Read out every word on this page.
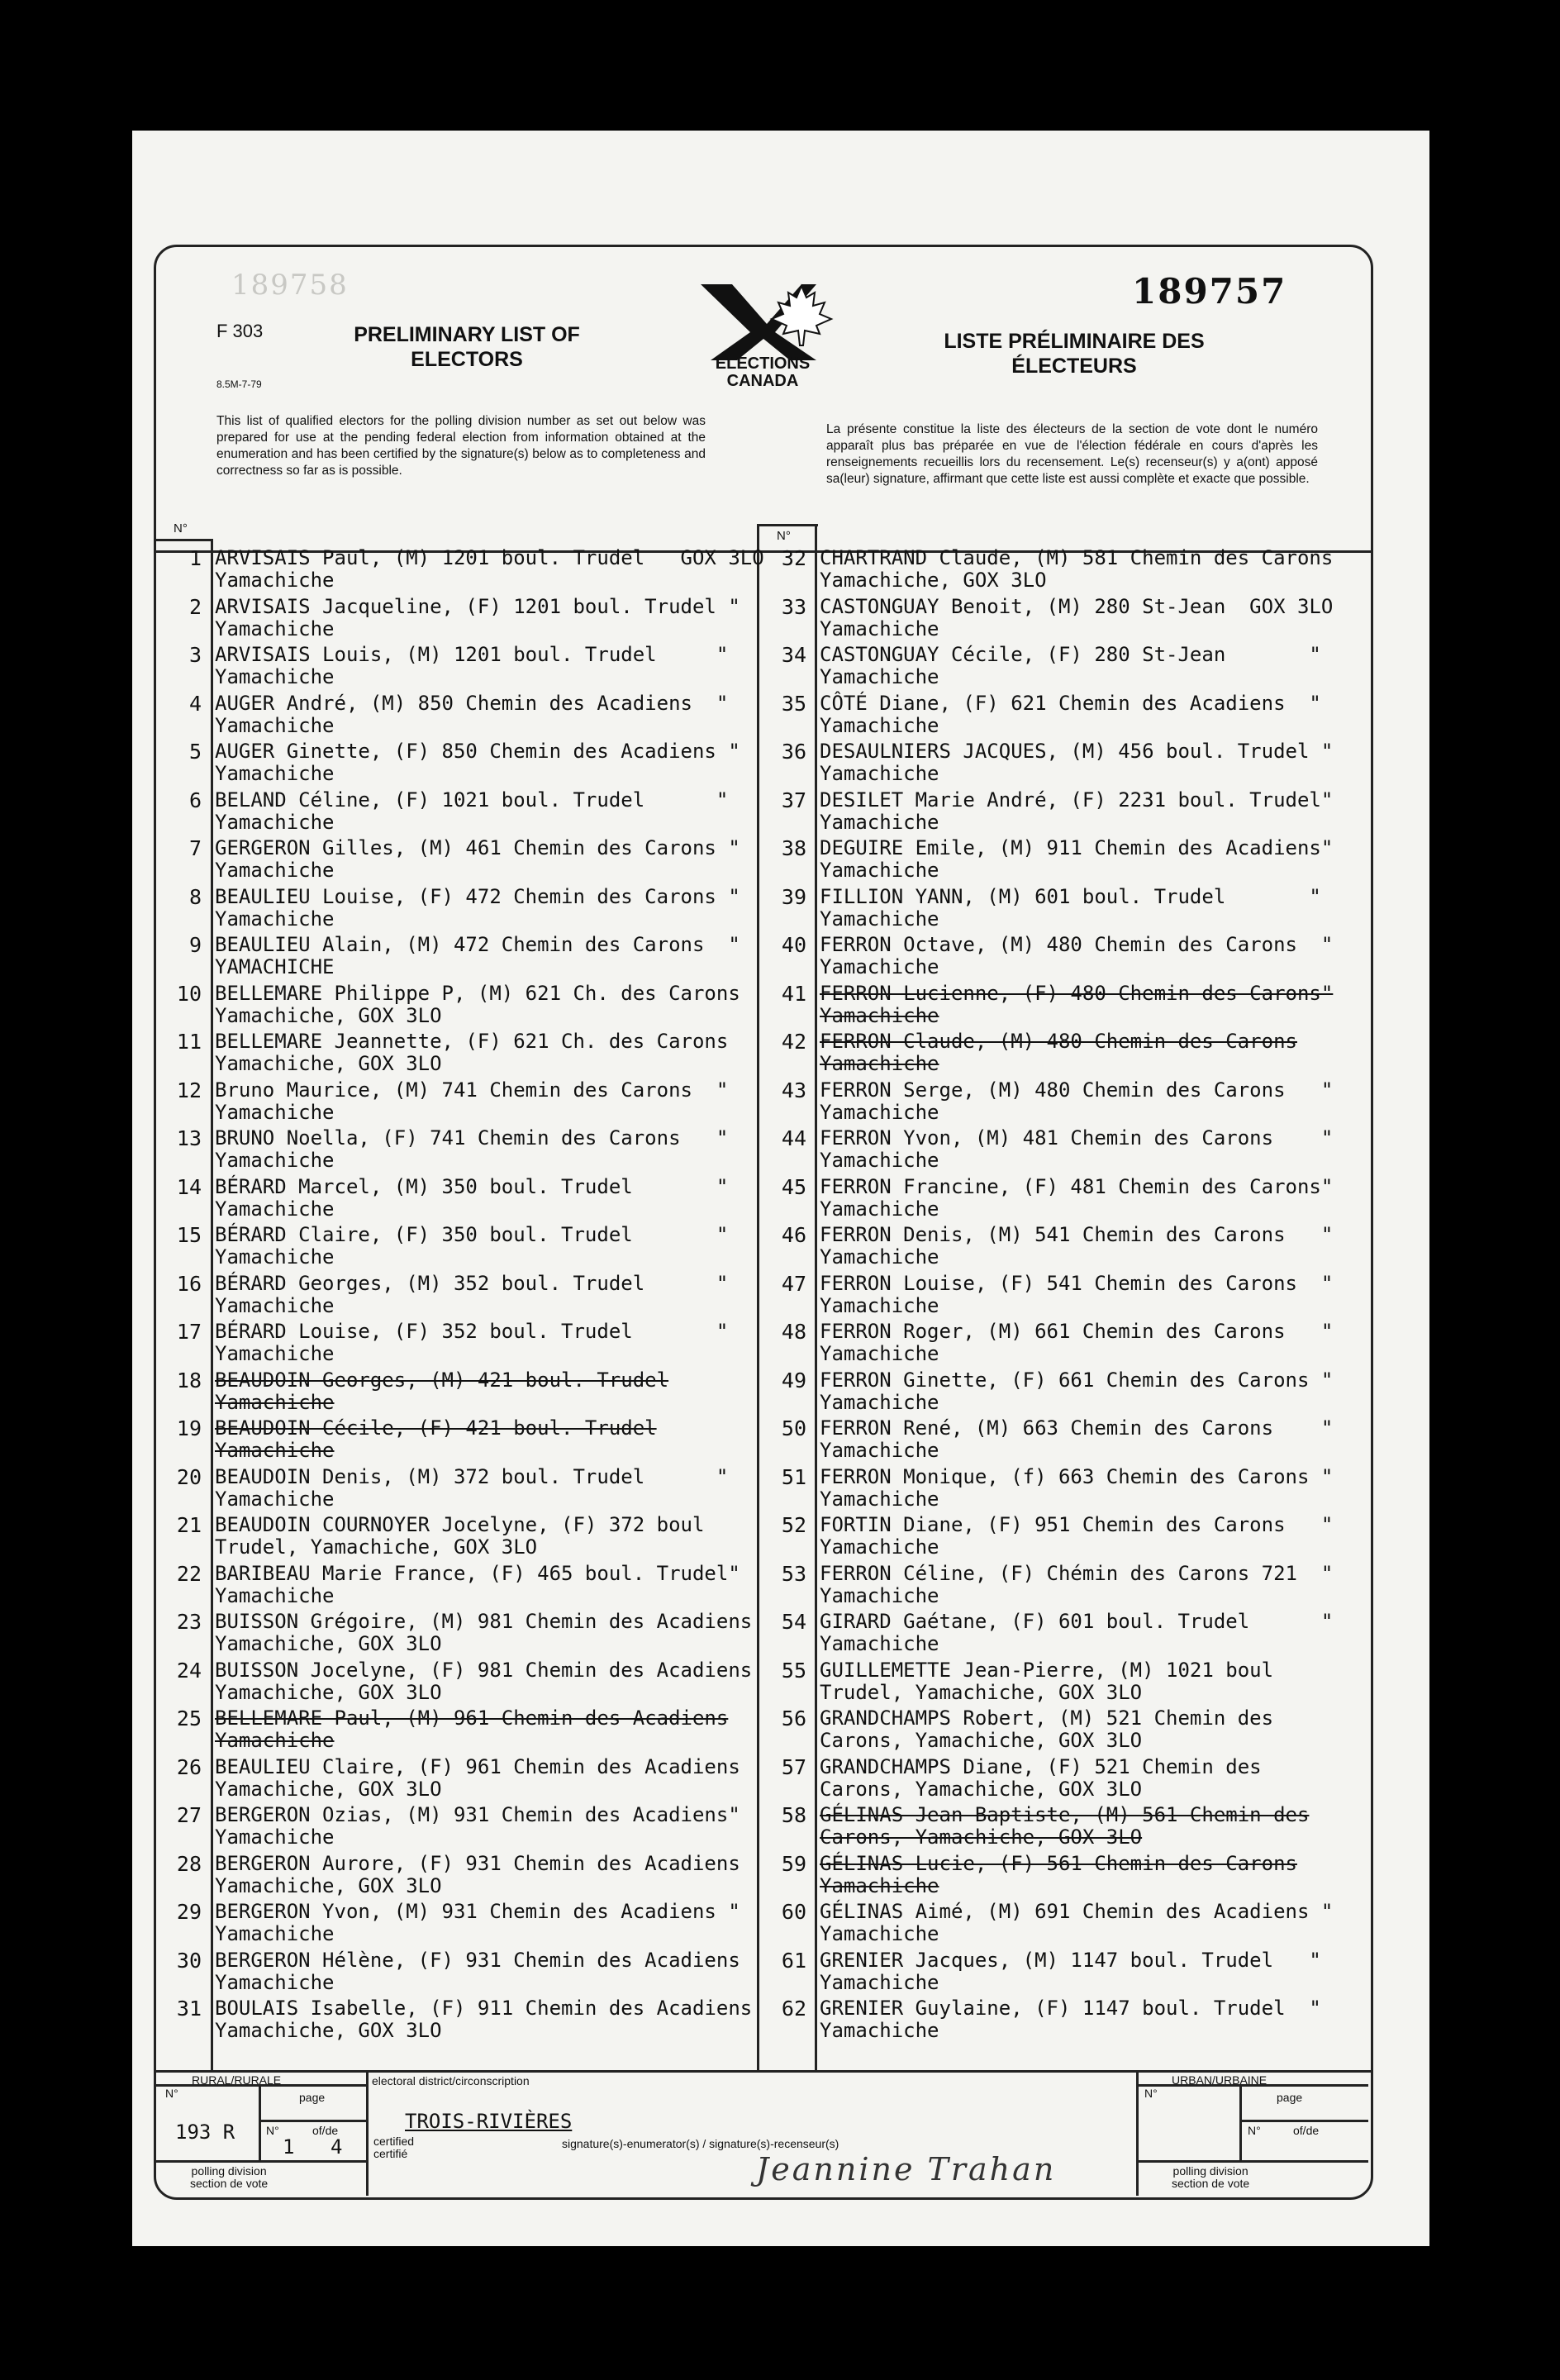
189758	189757
F 303
8.5M-7-79
PRELIMINARY LIST OF
ELECTORS
LISTE PRÉLIMINAIRE DES
ÉLECTEURS
ELECTIONS
CANADA
This list of qualified electors for the polling division number as set out below was prepared for use at the pending federal election from information obtained at the enumeration and has been certified by the signature(s) below as to completeness and correctness so far as is possible.
La présente constitue la liste des électeurs de la section de vote dont le numéro apparaît plus bas préparée en vue de l'élection fédérale en cours d'après les renseignements recueillis lors du recensement. Le(s) recenseur(s) y a(ont) apposé sa(leur) signature, affirmant que cette liste est aussi complète et exacte que possible.
N°
N°
1 ARVISAIS Paul, (M) 1201 boul. Trudel   GOX 3LO
Yamachiche
2 ARVISAIS Jacqueline, (F) 1201 boul. Trudel "
Yamachiche
3 ARVISAIS Louis, (M) 1201 boul. Trudel     "
Yamachiche
4 AUGER André, (M) 850 Chemin des Acadiens  "
Yamachiche
5 AUGER Ginette, (F) 850 Chemin des Acadiens "
Yamachiche
6 BELAND Céline, (F) 1021 boul. Trudel      "
Yamachiche
7 GERGERON Gilles, (M) 461 Chemin des Carons "
Yamachiche
8 BEAULIEU Louise, (F) 472 Chemin des Carons "
Yamachiche
9 BEAULIEU Alain, (M) 472 Chemin des Carons  "
YAMACHICHE
10 BELLEMARE Philippe P, (M) 621 Ch. des Carons
Yamachiche, GOX 3LO
11 BELLEMARE Jeannette, (F) 621 Ch. des Carons
Yamachiche, GOX 3LO
12 Bruno Maurice, (M) 741 Chemin des Carons  "
Yamachiche
13 BRUNO Noella, (F) 741 Chemin des Carons   "
Yamachiche
14 BÉRARD Marcel, (M) 350 boul. Trudel       "
Yamachiche
15 BÉRARD Claire, (F) 350 boul. Trudel       "
Yamachiche
16 BÉRARD Georges, (M) 352 boul. Trudel      "
Yamachiche
17 BÉRARD Louise, (F) 352 boul. Trudel       "
Yamachiche
18 BEAUDOIN Georges, (M) 421 boul. Trudel
Yamachiche
19 BEAUDOIN Cécile, (F) 421 boul. Trudel
Yamachiche
20 BEAUDOIN Denis, (M) 372 boul. Trudel      "
Yamachiche
21 BEAUDOIN COURNOYER Jocelyne, (F) 372 boul
Trudel, Yamachiche, GOX 3LO
22 BARIBEAU Marie France, (F) 465 boul. Trudel"
Yamachiche
23 BUISSON Grégoire, (M) 981 Chemin des Acadiens
Yamachiche, GOX 3LO
24 BUISSON Jocelyne, (F) 981 Chemin des Acadiens
Yamachiche, GOX 3LO
25 BELLEMARE Paul, (M) 961 Chemin des Acadiens
Yamachiche
26 BEAULIEU Claire, (F) 961 Chemin des Acadiens
Yamachiche, GOX 3LO
27 BERGERON Ozias, (M) 931 Chemin des Acadiens"
Yamachiche
28 BERGERON Aurore, (F) 931 Chemin des Acadiens
Yamachiche, GOX 3LO
29 BERGERON Yvon, (M) 931 Chemin des Acadiens "
Yamachiche
30 BERGERON Hélène, (F) 931 Chemin des Acadiens
Yamachiche
31 BOULAIS Isabelle, (F) 911 Chemin des Acadiens
Yamachiche, GOX 3LO
32 CHARTRAND Claude, (M) 581 Chemin des Carons
Yamachiche, GOX 3LO
33 CASTONGUAY Benoit, (M) 280 St-Jean  GOX 3LO
Yamachiche
34 CASTONGUAY Cécile, (F) 280 St-Jean       "
Yamachiche
35 CÔTÉ Diane, (F) 621 Chemin des Acadiens  "
Yamachiche
36 DESAULNIERS JACQUES, (M) 456 boul. Trudel "
Yamachiche
37 DESILET Marie André, (F) 2231 boul. Trudel"
Yamachiche
38 DEGUIRE Emile, (M) 911 Chemin des Acadiens"
Yamachiche
39 FILLION YANN, (M) 601 boul. Trudel       "
Yamachiche
40 FERRON Octave, (M) 480 Chemin des Carons  "
Yamachiche
41 FERRON Lucienne, (F) 480 Chemin des Carons"
Yamachiche
42 FERRON Claude, (M) 480 Chemin des Carons
Yamachiche
43 FERRON Serge, (M) 480 Chemin des Carons   "
Yamachiche
44 FERRON Yvon, (M) 481 Chemin des Carons    "
Yamachiche
45 FERRON Francine, (F) 481 Chemin des Carons"
Yamachiche
46 FERRON Denis, (M) 541 Chemin des Carons   "
Yamachiche
47 FERRON Louise, (F) 541 Chemin des Carons  "
Yamachiche
48 FERRON Roger, (M) 661 Chemin des Carons   "
Yamachiche
49 FERRON Ginette, (F) 661 Chemin des Carons "
Yamachiche
50 FERRON René, (M) 663 Chemin des Carons    "
Yamachiche
51 FERRON Monique, (f) 663 Chemin des Carons "
Yamachiche
52 FORTIN Diane, (F) 951 Chemin des Carons   "
Yamachiche
53 FERRON Céline, (F) Chémin des Carons 721  "
Yamachiche
54 GIRARD Gaétane, (F) 601 boul. Trudel      "
Yamachiche
55 GUILLEMETTE Jean-Pierre, (M) 1021 boul
Trudel, Yamachiche, GOX 3LO
56 GRANDCHAMPS Robert, (M) 521 Chemin des
Carons, Yamachiche, GOX 3LO
57 GRANDCHAMPS Diane, (F) 521 Chemin des
Carons, Yamachiche, GOX 3LO
58 GÉLINAS Jean Baptiste, (M) 561 Chemin des
Carons, Yamachiche, GOX 3LO
59 GÉLINAS Lucie, (F) 561 Chemin des Carons
Yamachiche
60 GÉLINAS Aimé, (M) 691 Chemin des Acadiens "
Yamachiche
61 GRENIER Jacques, (M) 1147 boul. Trudel   "
Yamachiche
62 GRENIER Guylaine, (F) 1147 boul. Trudel  "
Yamachiche
RURAL/RURALE
N°
193 R
page
N°	of/de
1 4
polling division
section de vote
electoral district/circonscription
TROIS-RIVIÈRES
certified
certifié
signature(s)-enumerator(s) / signature(s)-recenseur(s)
Jeannine Trahan
URBAN/URBAINE
N°	page
N°	of/de
polling division
section de vote
